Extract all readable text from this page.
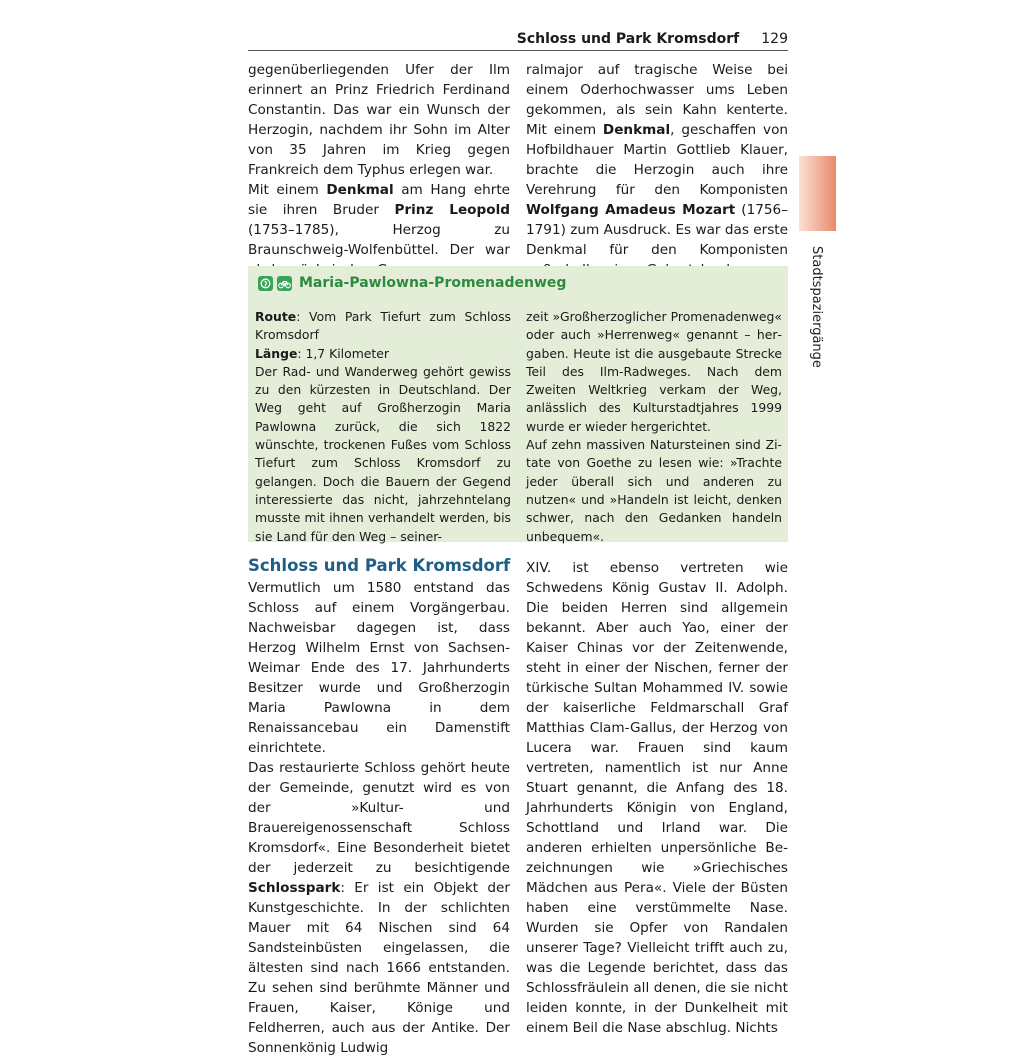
Schloss und Park Kromsdorf 129
Stadtspaziergänge

gegenüberliegenden Ufer der Ilm erinnert an Prinz Friedrich Ferdinand Constantin. Das war ein Wunsch der Herzogin, nachdem ihr Sohn im Alter von 35 Jahren im Krieg gegen Frankreich dem Typhus erlegen war.

Mit einem Denkmal am Hang ehrte sie ihren Bruder Prinz Leopold (1753–1785), Herzog zu Braunschweig-Wolfenbüttel. Der war

ralmajor auf tragische Weise bei einem Oderhochwasser ums Leben gekommen, als sein Kahn kenterte. Mit einem Denkmal, geschaffen von Hofbildhauer Martin Gottlieb Klauer, brachte die Herzogin auch ihre Verehrung für den Komponisten Wolfgang Amadeus Mozart (1756–1791) zum Ausdruck. Es war das erste Denkmal für den Komponisten

Maria-Pawlowna-Promenadenweg

Route: Vom Park Tiefurt zum Schloss Kromsdorf

Länge: 1,7 Kilometer

Der Rad- und Wanderweg gehört gewiss zu den kürzesten in Deutschland. Der Weg geht auf Großherzogin Maria Pawlowna zurück, die sich 1822 wünschte, trockenen Fußes vom Schloss Tiefurt zum Schloss Kromsdorf zu gelangen. Doch die Bauern der Gegend interessierte das nicht, jahrzehntelang musste mit ihnen verhandelt werden, bis sie Land für den Weg – seiner-

zeit »Großherzoglicher Promenadenweg« oder auch »Herrenweg« genannt – hergaben. Heute ist die ausgebaute Strecke Teil des Ilm-Radweges. Nach dem Zweiten Weltkrieg verkam der Weg, anlässlich des Kulturstadtjahres 1999 wurde er wieder hergerichtet.

Auf zehn massiven Natursteinen sind Zitate von Goethe zu lesen wie: »Trachte jeder überall sich und anderen zu nutzen« und »Handeln ist leicht, denken schwer, nach den Gedanken handeln unbequem«.

Schloss und Park Kromsdorf

Vermutlich um 1580 entstand das Schloss auf einem Vorgängerbau. Nachweisbar dagegen ist, dass Herzog Wilhelm Ernst von Sachsen-Weimar Ende des 17. Jahrhunderts Besitzer wurde und Großherzogin Maria Pawlowna in dem Renaissancebau ein Damenstift einrichtete.

Das restaurierte Schloss gehört heute der Gemeinde, genutzt wird es von der »Kultur- und Brauereigenossenschaft Schloss Kromsdorf«. Eine Besonderheit bietet der jederzeit zu besichtigende Schlosspark: Er ist ein Objekt der Kunstgeschichte. In der schlichten Mauer mit 64 Nischen sind 64 Sandsteinbüsten eingelassen, die ältesten sind nach 1666 entstanden. Zu sehen sind berühmte Männer und Frauen, Kaiser, Könige und Feldherren, auch aus der Antike. Der Sonnenkönig Ludwig

XIV. ist ebenso vertreten wie Schwedens König Gustav II. Adolph. Die beiden Herren sind allgemein bekannt. Aber auch Yao, einer der Kaiser Chinas vor der Zeitenwende, steht in einer der Nischen, ferner der türkische Sultan Mohammed IV. sowie der kaiserliche Feldmarschall Graf Matthias Clam-Gallus, der Herzog von Lucera war. Frauen sind kaum vertreten, namentlich ist nur Anne Stuart genannt, die Anfang des 18. Jahrhunderts Königin von England, Schottland und Irland war. Die anderen erhielten unpersönliche Bezeichnungen wie »Griechisches Mädchen aus Pera«. Viele der Büsten haben eine verstümmelte Nase. Wurden sie Opfer von Randalen unserer Tage? Vielleicht trifft auch zu, was die Legende berichtet, dass das Schlossfräulein all denen, die sie nicht leiden konnte, in der Dunkelheit mit einem Beil die Nase abschlug. Nichts
